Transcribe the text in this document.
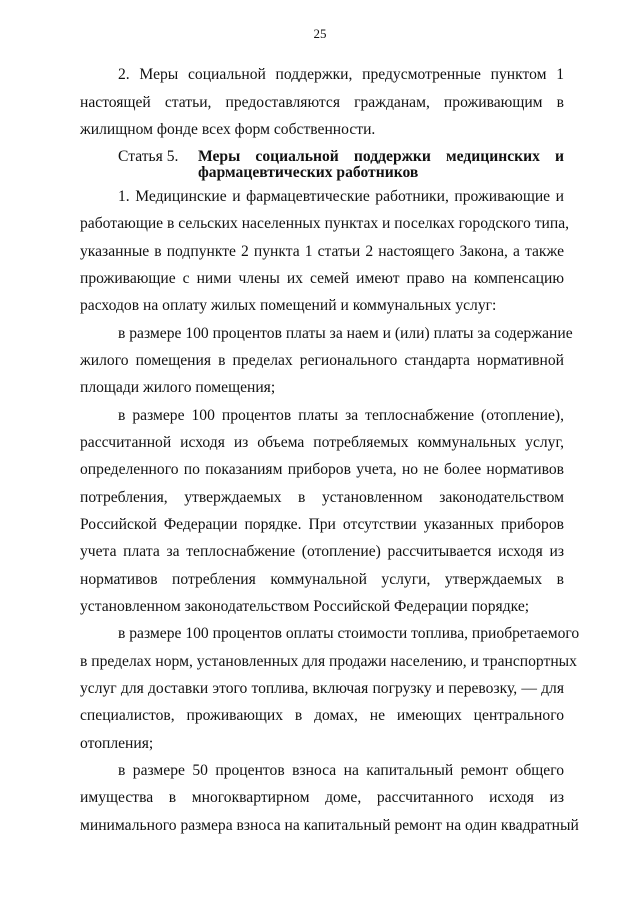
25
2. Меры социальной поддержки, предусмотренные пунктом 1
настоящей статьи, предоставляются гражданам, проживающим в
жилищном фонде всех форм собственности.
Статья 5.	Меры социальной поддержки медицинских и
фармацевтических работников
1. Медицинские и фармацевтические работники, проживающие и
работающие в сельских населенных пунктах и поселках городского типа,
указанные в подпункте 2 пункта 1 статьи 2 настоящего Закона, а также
проживающие с ними члены их семей имеют право на компенсацию
расходов на оплату жилых помещений и коммунальных услуг:
в размере 100 процентов платы за наем и (или) платы за содержание
жилого помещения в пределах регионального стандарта нормативной
площади жилого помещения;
в размере 100 процентов платы за теплоснабжение (отопление),
рассчитанной исходя из объема потребляемых коммунальных услуг,
определенного по показаниям приборов учета, но не более нормативов
потребления, утверждаемых в установленном законодательством
Российской Федерации порядке. При отсутствии указанных приборов
учета плата за теплоснабжение (отопление) рассчитывается исходя из
нормативов потребления коммунальной услуги, утверждаемых в
установленном законодательством Российской Федерации порядке;
в размере 100 процентов оплаты стоимости топлива, приобретаемого
в пределах норм, установленных для продажи населению, и транспортных
услуг для доставки этого топлива, включая погрузку и перевозку, — для
специалистов, проживающих в домах, не имеющих центрального
отопления;
в размере 50 процентов взноса на капитальный ремонт общего
имущества в многоквартирном доме, рассчитанного исходя из
минимального размера взноса на капитальный ремонт на один квадратный
